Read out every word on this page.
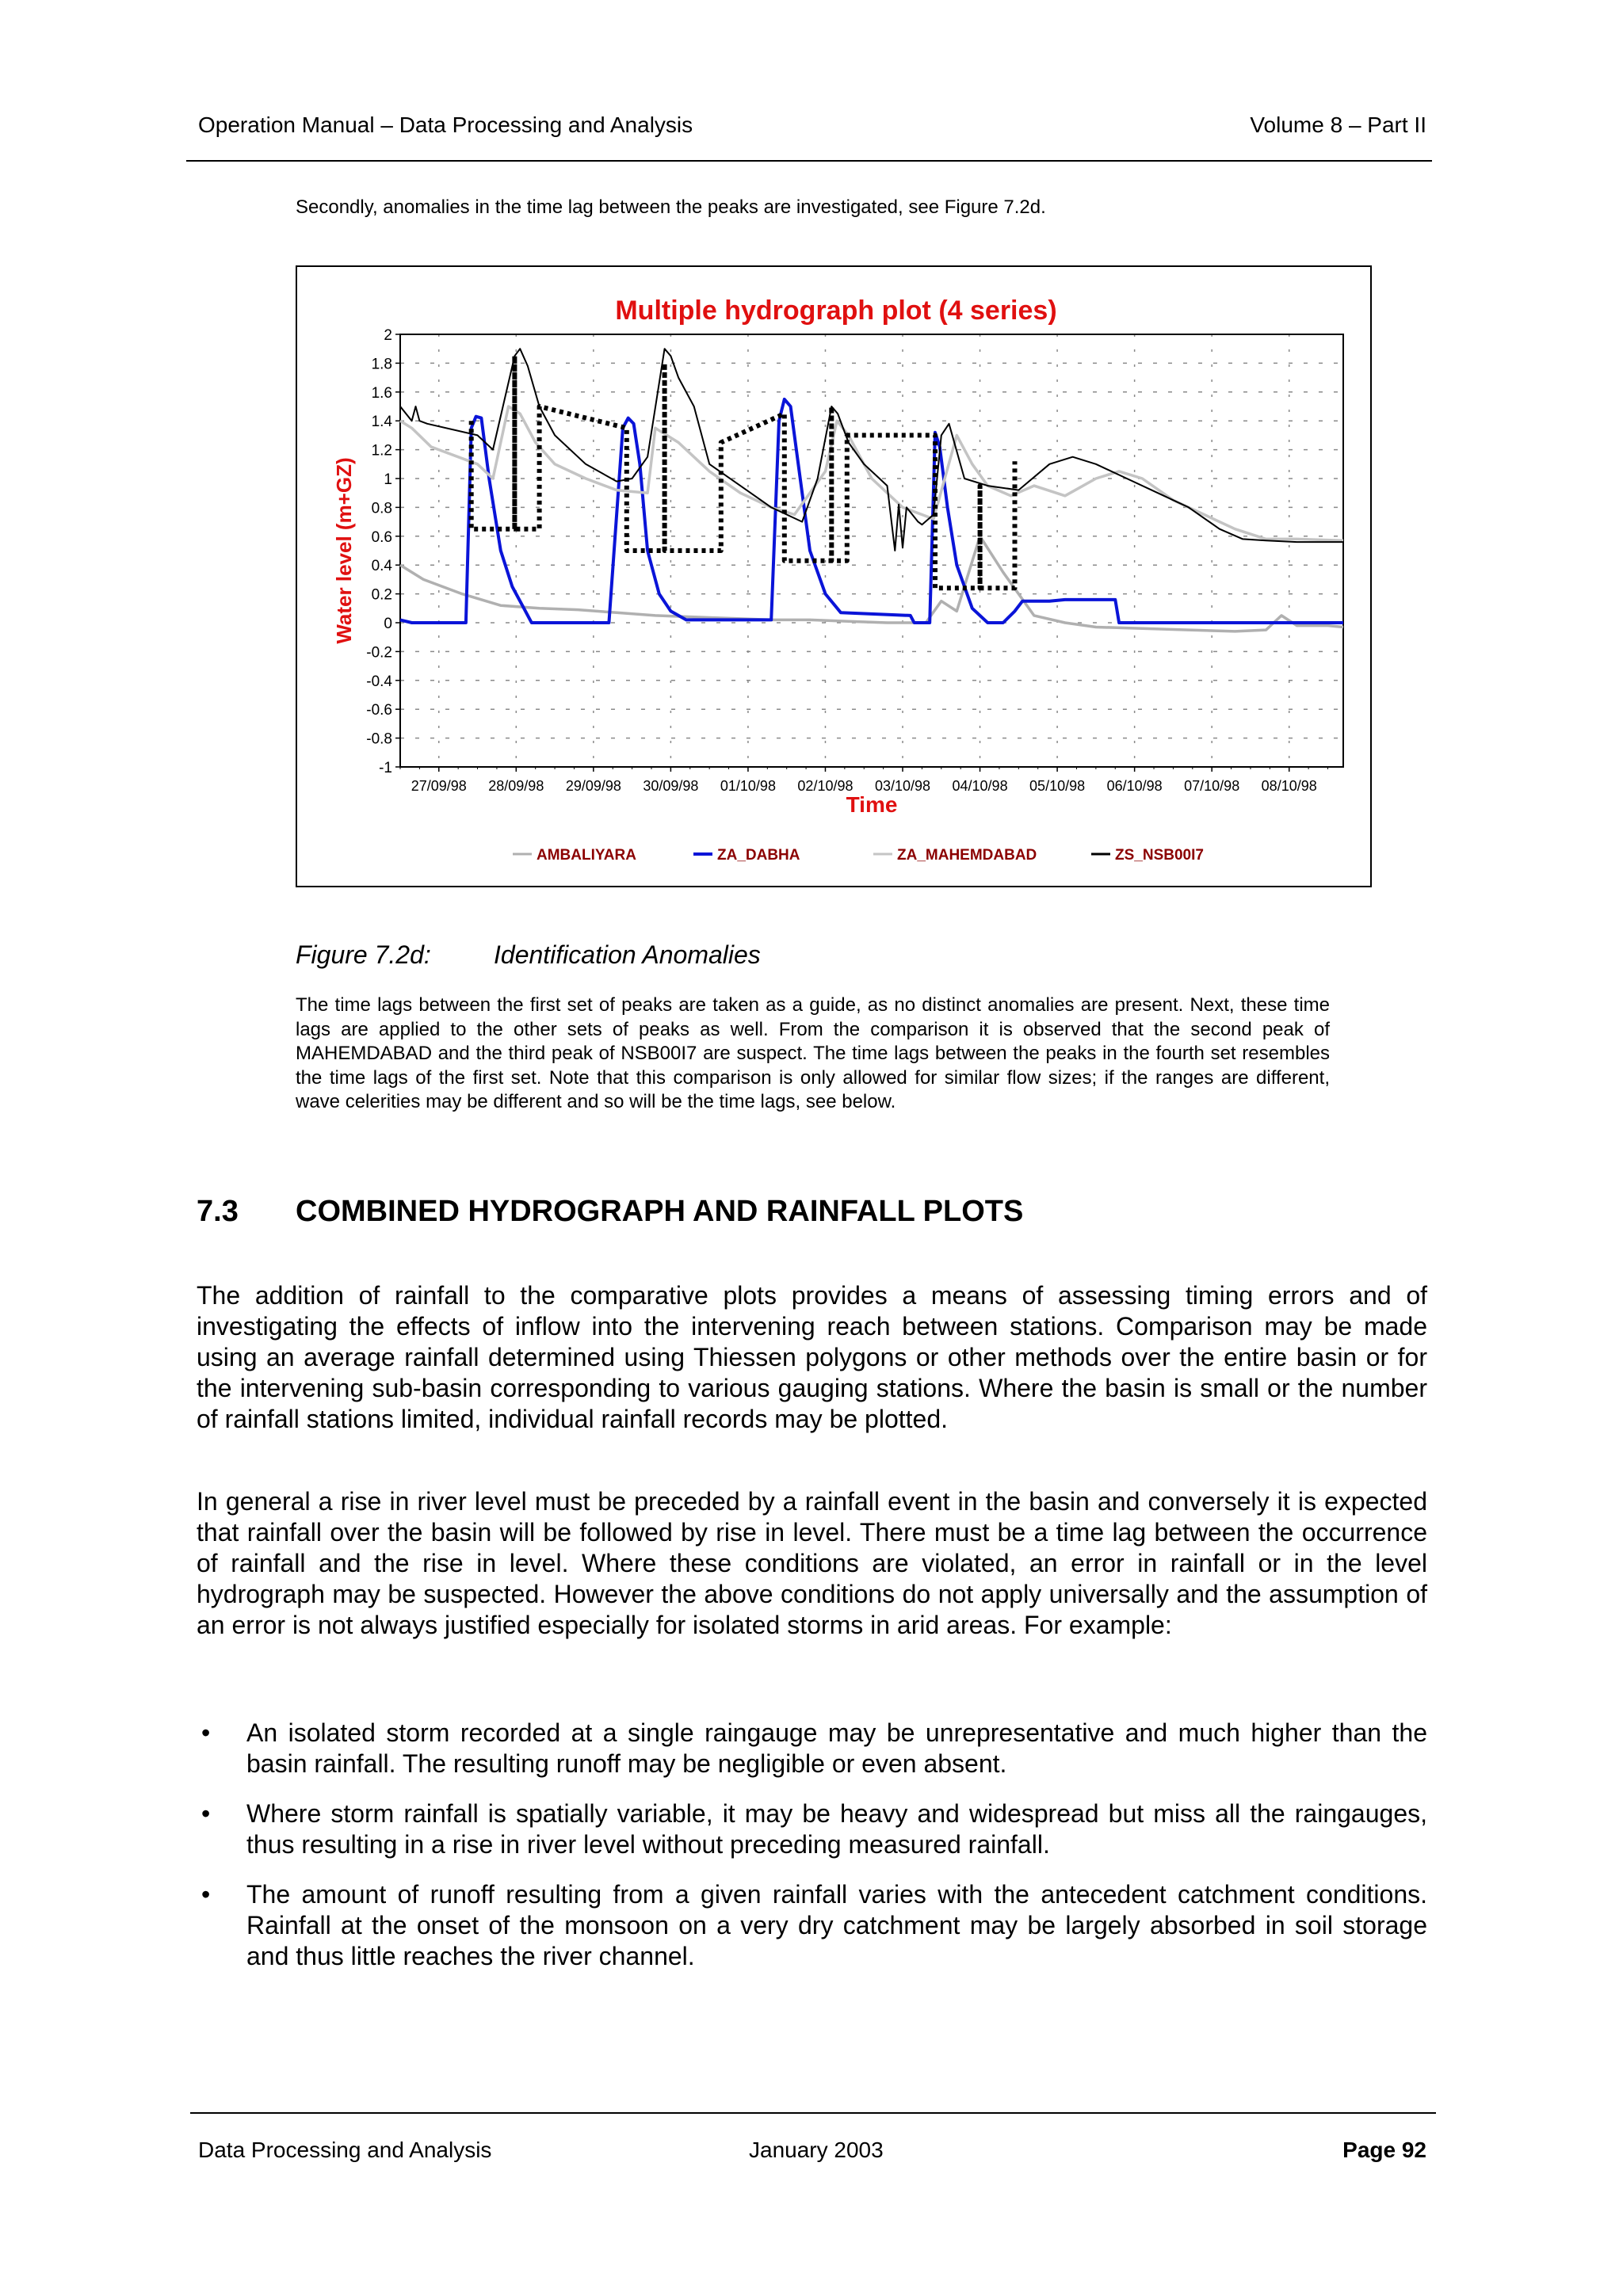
Operation Manual – Data Processing and Analysis	Volume 8 – Part II
Secondly, anomalies in the time lag between the peaks are investigated, see Figure 7.2d.
Multiple hydrograph plot (4 series)
2
1.8
1.6
1.4
1.2
1
0.8
0.6
0.4
0.2
0
-0.2
-0.4
-0.6
-0.8
-1
27/09/98 28/09/98 29/09/98 30/09/98 01/10/98 02/10/98 03/10/98 04/10/98 05/10/98 06/10/98 07/10/98 08/10/98
Water level (m+GZ)
Time
AMBALIYARA	ZA_DABHA	ZA_MAHEMDABAD	ZS_NSB00I7
Figure 7.2d: Identification Anomalies
The time lags between the first set of peaks are taken as a guide, as no distinct anomalies are present. Next, these time lags are applied to the other sets of peaks as well. From the comparison it is observed that the second peak of MAHEMDABAD and the third peak of NSB00I7 are suspect. The time lags between the peaks in the fourth set resembles the time lags of the first set. Note that this comparison is only allowed for similar flow sizes; if the ranges are different, wave celerities may be different and so will be the time lags, see below.
7.3 COMBINED HYDROGRAPH AND RAINFALL PLOTS
The addition of rainfall to the comparative plots provides a means of assessing timing errors and of investigating the effects of inflow into the intervening reach between stations. Comparison may be made using an average rainfall determined using Thiessen polygons or other methods over the entire basin or for the intervening sub-basin corresponding to various gauging stations. Where the basin is small or the number of rainfall stations limited, individual rainfall records may be plotted.
In general a rise in river level must be preceded by a rainfall event in the basin and conversely it is expected that rainfall over the basin will be followed by rise in level. There must be a time lag between the occurrence of rainfall and the rise in level. Where these conditions are violated, an error in rainfall or in the level hydrograph may be suspected. However the above conditions do not apply universally and the assumption of an error is not always justified especially for isolated storms in arid areas. For example:
• An isolated storm recorded at a single raingauge may be unrepresentative and much higher than the basin rainfall. The resulting runoff may be negligible or even absent.
• Where storm rainfall is spatially variable, it may be heavy and widespread but miss all the raingauges, thus resulting in a rise in river level without preceding measured rainfall.
• The amount of runoff resulting from a given rainfall varies with the antecedent catchment conditions. Rainfall at the onset of the monsoon on a very dry catchment may be largely absorbed in soil storage and thus little reaches the river channel.
Data Processing and Analysis	January 2003	Page 92
